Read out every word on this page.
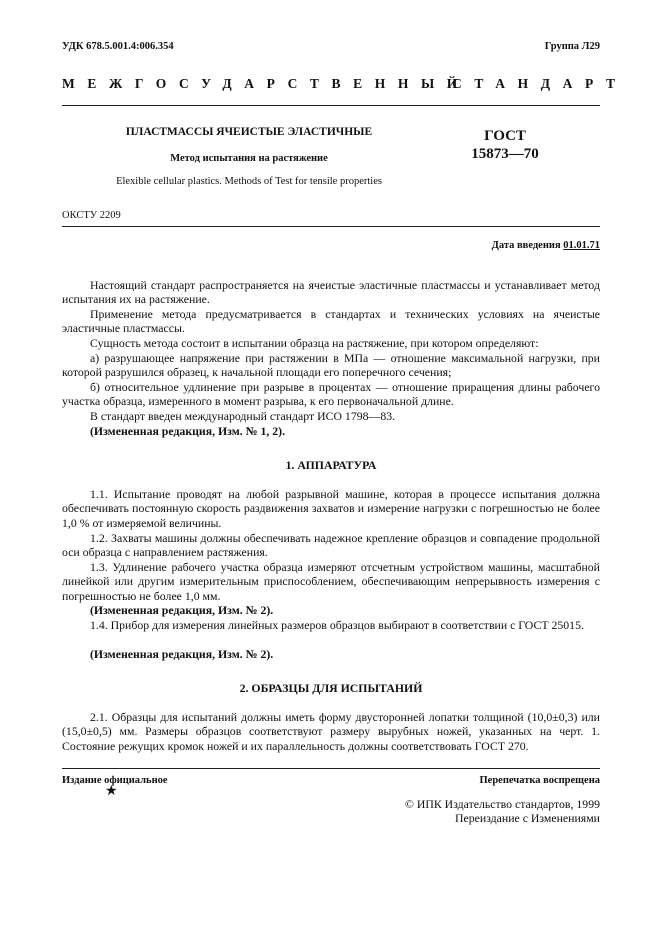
УДК 678.5.001.4:006.354	Группа Л29
МЕЖГОСУДАРСТВЕННЫЙ
СТАНДАРТ
ПЛАСТМАССЫ ЯЧЕИСТЫЕ ЭЛАСТИЧНЫЕ
Метод испытания на растяжение
Elexible cellular plastics. Methods of Test for tensile properties
ГОСТ
15873—70
ОКСТУ 2209
Дата введения 01.01.71
Настоящий стандарт распространяется на ячеистые эластичные пластмассы и устанавливает метод испытания их на растяжение.
Применение метода предусматривается в стандартах и технических условиях на ячеистые эластичные пластмассы.
Сущность метода состоит в испытании образца на растяжение, при котором определяют:
а) разрушающее напряжение при растяжении в МПа — отношение максимальной нагрузки, при которой разрушился образец, к начальной площади его поперечного сечения;
б) относительное удлинение при разрыве в процентах — отношение приращения длины рабочего участка образца, измеренного в момент разрыва, к его первоначальной длине.
В стандарт введен международный стандарт ИСО 1798—83.
(Измененная редакция, Изм. № 1, 2).
1. АППАРАТУРА
1.1. Испытание проводят на любой разрывной машине, которая в процессе испытания должна обеспечивать постоянную скорость раздвижения захватов и измерение нагрузки с погрешностью не более 1,0 % от измеряемой величины.
1.2. Захваты машины должны обеспечивать надежное крепление образцов и совпадение продольной оси образца с направлением растяжения.
1.3. Удлинение рабочего участка образца измеряют отсчетным устройством машины, масштабной линейкой или другим измерительным приспособлением, обеспечивающим непрерывность измерения с погрешностью не более 1,0 мм.
(Измененная редакция, Изм. № 2).
1.4. Прибор для измерения линейных размеров образцов выбирают в соответствии с ГОСТ 25015.
(Измененная редакция, Изм. № 2).
2. ОБРАЗЦЫ ДЛЯ ИСПЫТАНИЙ
2.1. Образцы для испытаний должны иметь форму двусторонней лопатки толщиной (10,0±0,3) или (15,0±0,5) мм. Размеры образцов соответствуют размеру вырубных ножей, указанных на черт. 1. Состояние режущих кромок ножей и их параллельность должны соответствовать ГОСТ 270.
Издание официальное
★
Перепечатка воспрещена
© ИПК Издательство стандартов, 1999
Переиздание с Изменениями
